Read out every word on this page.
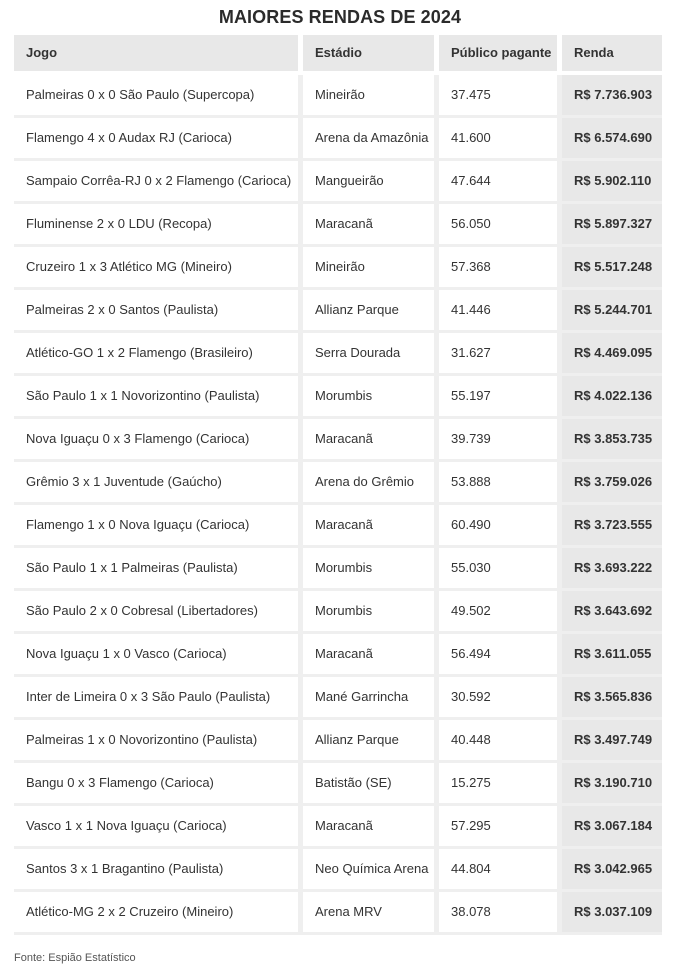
MAIORES RENDAS DE 2024
Jogo	Estádio	Público pagante	Renda
Palmeiras 0 x 0 São Paulo (Supercopa)	Mineirão	37.475	R$ 7.736.903
Flamengo 4 x 0 Audax RJ (Carioca)	Arena da Amazônia	41.600	R$ 6.574.690
Sampaio Corrêa-RJ 0 x 2 Flamengo (Carioca)	Mangueirão	47.644	R$ 5.902.110
Fluminense 2 x 0 LDU (Recopa)	Maracanã	56.050	R$ 5.897.327
Cruzeiro 1 x 3 Atlético MG (Mineiro)	Mineirão	57.368	R$ 5.517.248
Palmeiras 2 x 0 Santos (Paulista)	Allianz Parque	41.446	R$ 5.244.701
Atlético-GO 1 x 2 Flamengo (Brasileiro)	Serra Dourada	31.627	R$ 4.469.095
São Paulo 1 x 1 Novorizontino (Paulista)	Morumbis	55.197	R$ 4.022.136
Nova Iguaçu 0 x 3 Flamengo (Carioca)	Maracanã	39.739	R$ 3.853.735
Grêmio 3 x 1 Juventude (Gaúcho)	Arena do Grêmio	53.888	R$ 3.759.026
Flamengo 1 x 0 Nova Iguaçu (Carioca)	Maracanã	60.490	R$ 3.723.555
São Paulo 1 x 1 Palmeiras (Paulista)	Morumbis	55.030	R$ 3.693.222
São Paulo 2 x 0 Cobresal (Libertadores)	Morumbis	49.502	R$ 3.643.692
Nova Iguaçu 1 x 0 Vasco (Carioca)	Maracanã	56.494	R$ 3.611.055
Inter de Limeira 0 x 3 São Paulo (Paulista)	Mané Garrincha	30.592	R$ 3.565.836
Palmeiras 1 x 0 Novorizontino (Paulista)	Allianz Parque	40.448	R$ 3.497.749
Bangu 0 x 3 Flamengo (Carioca)	Batistão (SE)	15.275	R$ 3.190.710
Vasco 1 x 1 Nova Iguaçu (Carioca)	Maracanã	57.295	R$ 3.067.184
Santos 3 x 1 Bragantino (Paulista)	Neo Química Arena	44.804	R$ 3.042.965
Atlético-MG 2 x 2 Cruzeiro (Mineiro)	Arena MRV	38.078	R$ 3.037.109
Fonte: Espião Estatístico
